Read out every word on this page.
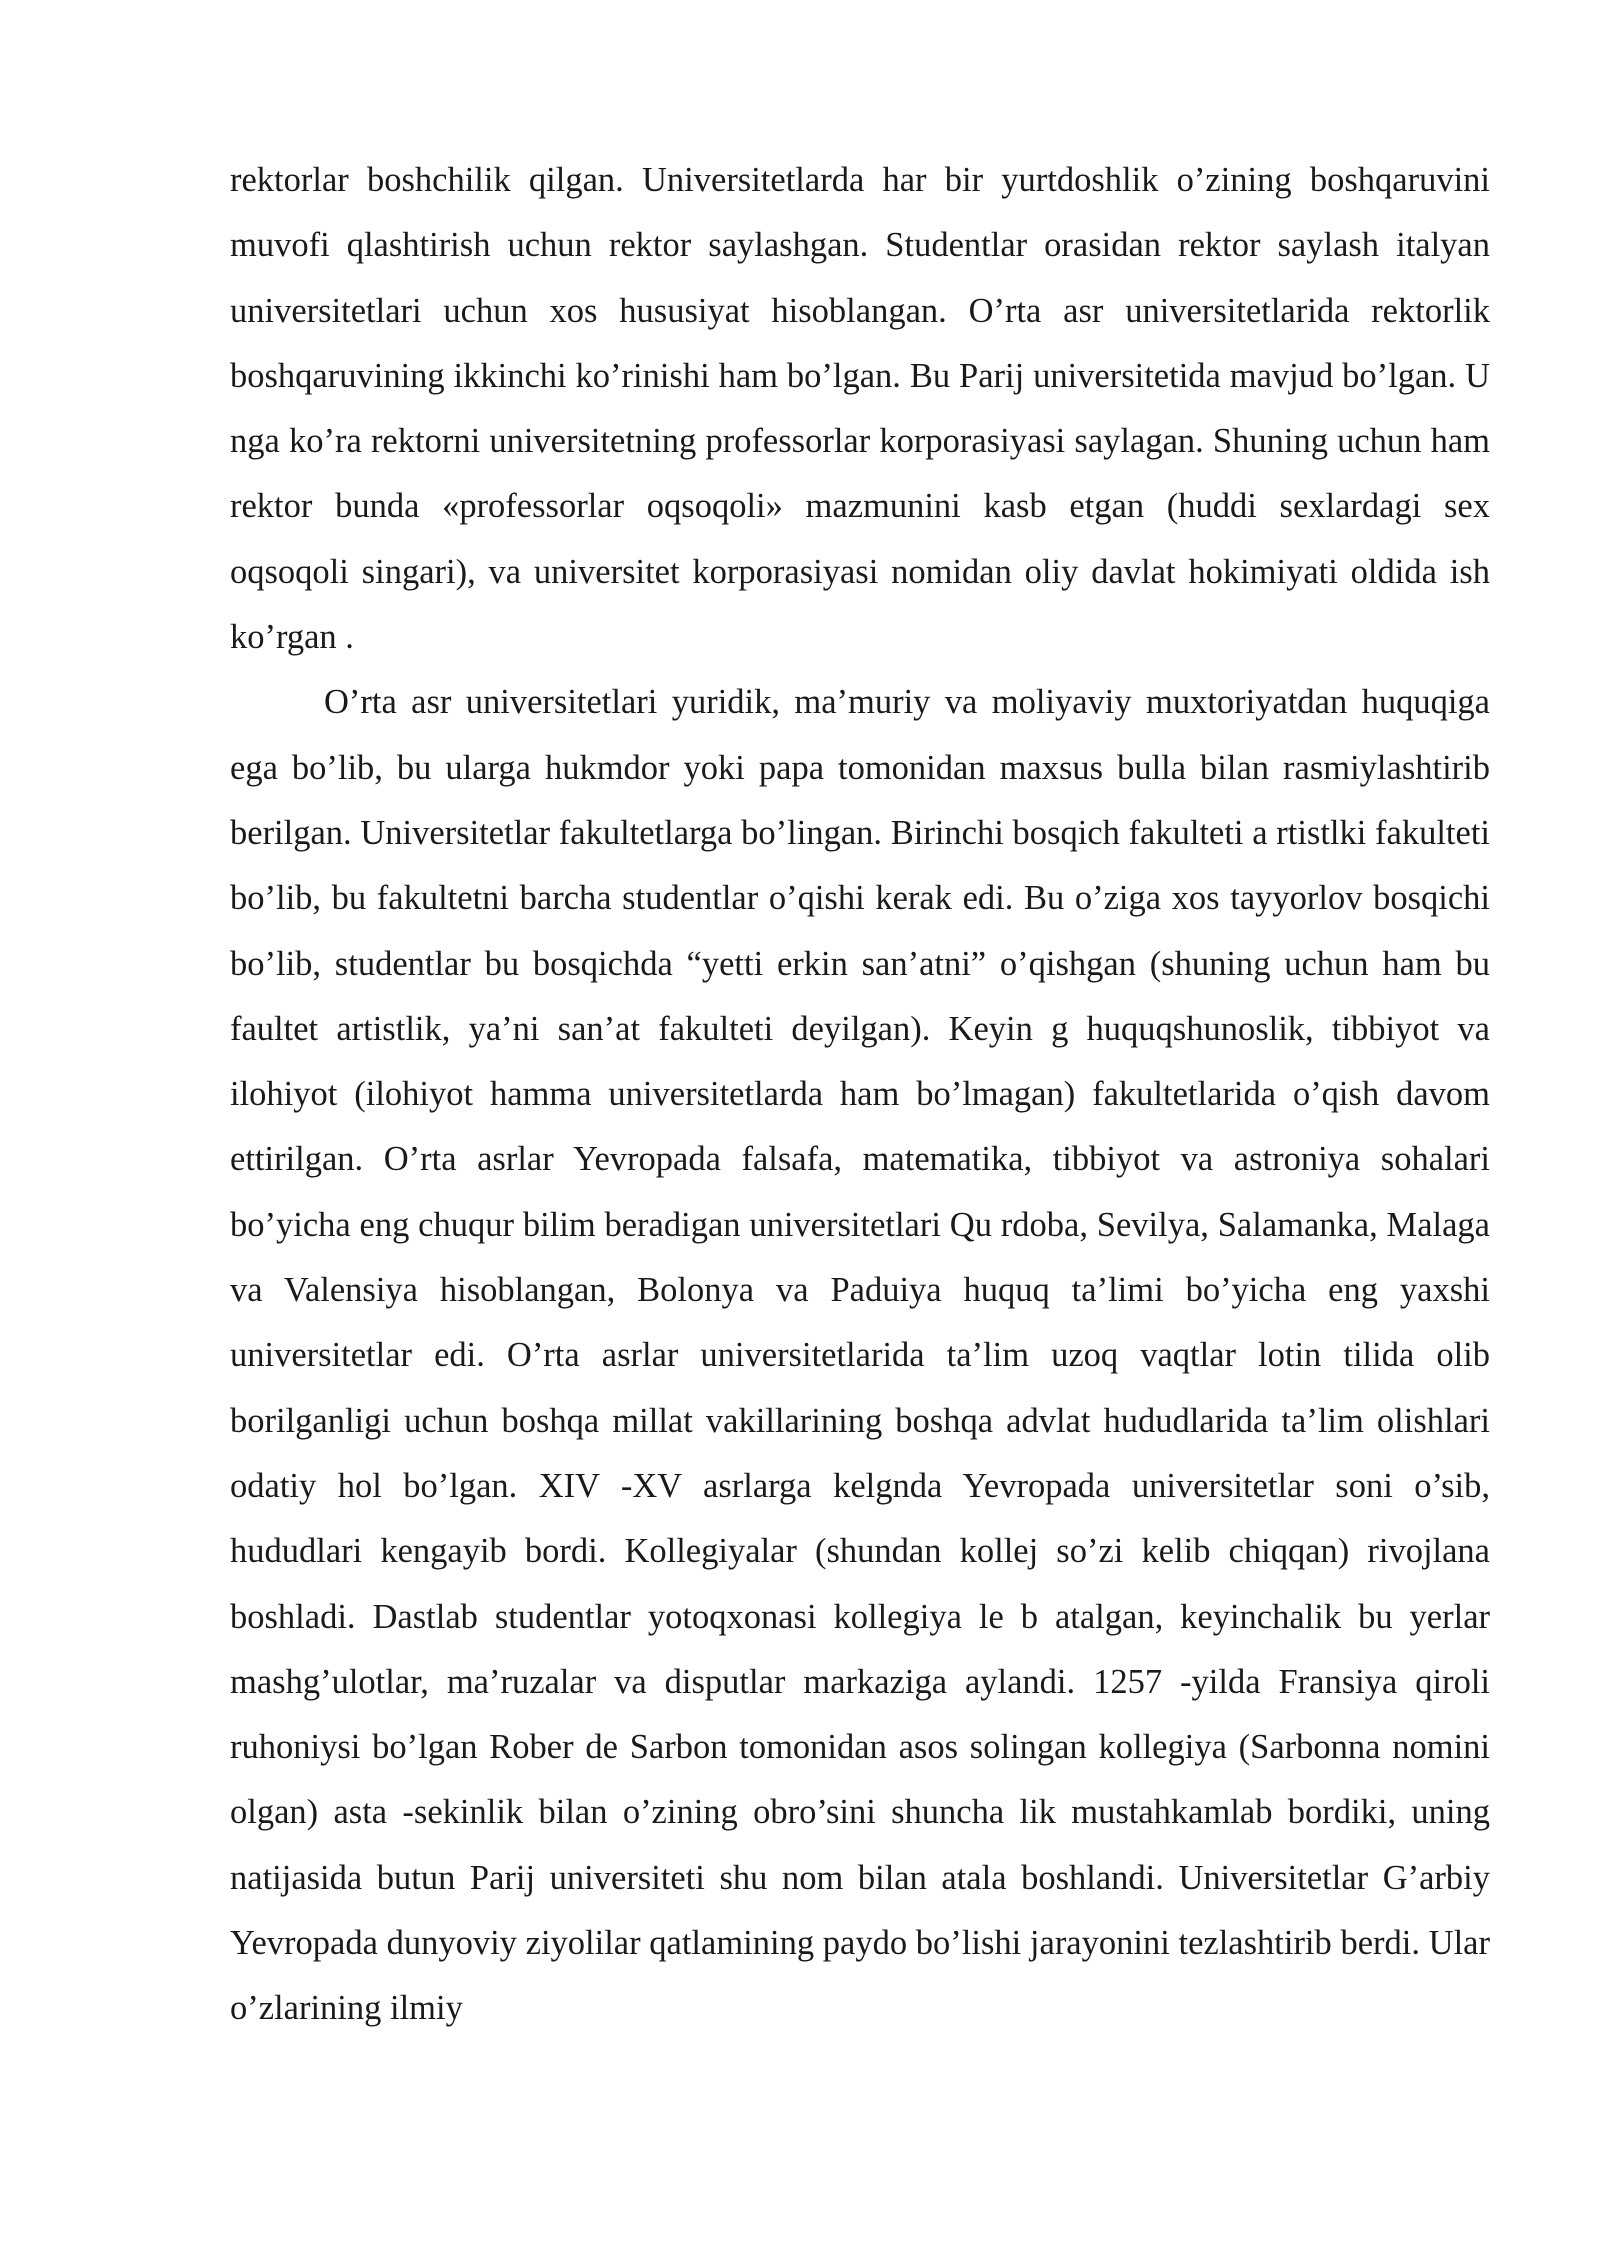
rektorlar boshchilik qilgan. Universitetlarda har bir yurtdoshlik o’zining boshqaruvini muvofi qlashtirish uchun rektor saylashgan. Studentlar orasidan rektor saylash italyan universitetlari uchun xos hususiyat hisoblangan. O’rta asr universitetlarida rektorlik boshqaruvining ikkinchi ko’rinishi ham bo’lgan. Bu Parij universitetida mavjud bo’lgan. U nga ko’ra rektorni universitetning professorlar korporasiyasi saylagan. Shuning uchun ham rektor bunda «professorlar oqsoqoli» mazmunini kasb etgan (huddi sexlardagi sex oqsoqoli singari), va universitet korporasiyasi nomidan oliy davlat hokimiyati oldida ish ko’rgan .

O’rta asr universitetlari yuridik, ma’muriy va moliyaviy muxtoriyatdan huquqiga ega bo’lib, bu ularga hukmdor yoki papa tomonidan maxsus bulla bilan rasmiylashtirib berilgan. Universitetlar fakultetlarga bo’lingan. Birinchi bosqich fakulteti a rtistlki fakulteti bo’lib, bu fakultetni barcha studentlar o’qishi kerak edi. Bu o’ziga xos tayyorlov bosqichi bo’lib, studentlar bu bosqichda “yetti erkin san’atni” o’qishgan (shuning uchun ham bu faultet artistlik, ya’ni san’at fakulteti deyilgan). Keyin g huquqshunoslik, tibbiyot va ilohiyot (ilohiyot hamma universitetlarda ham bo’lmagan) fakultetlarida o’qish davom ettirilgan. O’rta asrlar Yevropada falsafa, matematika, tibbiyot va astroniya sohalari bo’yicha eng chuqur bilim beradigan universitetlari Qu rdoba, Sevilya, Salamanka, Malaga va Valensiya hisoblangan, Bolonya va Paduiya huquq ta’limi bo’yicha eng yaxshi universitetlar edi. O’rta asrlar universitetlarida ta’lim uzoq vaqtlar lotin tilida olib borilganligi uchun boshqa millat vakillarining boshqa advlat hududlarida ta’lim olishlari odatiy hol bo’lgan. XIV -XV asrlarga kelgnda Yevropada universitetlar soni o’sib, hududlari kengayib bordi. Kollegiyalar (shundan kollej so’zi kelib chiqqan) rivojlana boshladi. Dastlab studentlar yotoqxonasi kollegiya le b atalgan, keyinchalik bu yerlar mashg’ulotlar, ma’ruzalar va disputlar markaziga aylandi. 1257 -yilda Fransiya qiroli ruhoniysi bo’lgan Rober de Sarbon tomonidan asos solingan kollegiya (Sarbonna nomini olgan) asta -sekinlik bilan o’zining obro’sini shuncha lik mustahkamlab bordiki, uning natijasida butun Parij universiteti shu nom bilan atala boshlandi. Universitetlar G’arbiy Yevropada dunyoviy ziyolilar qatlamining paydo bo’lishi jarayonini tezlashtirib berdi. Ular o’zlarining ilmiy
